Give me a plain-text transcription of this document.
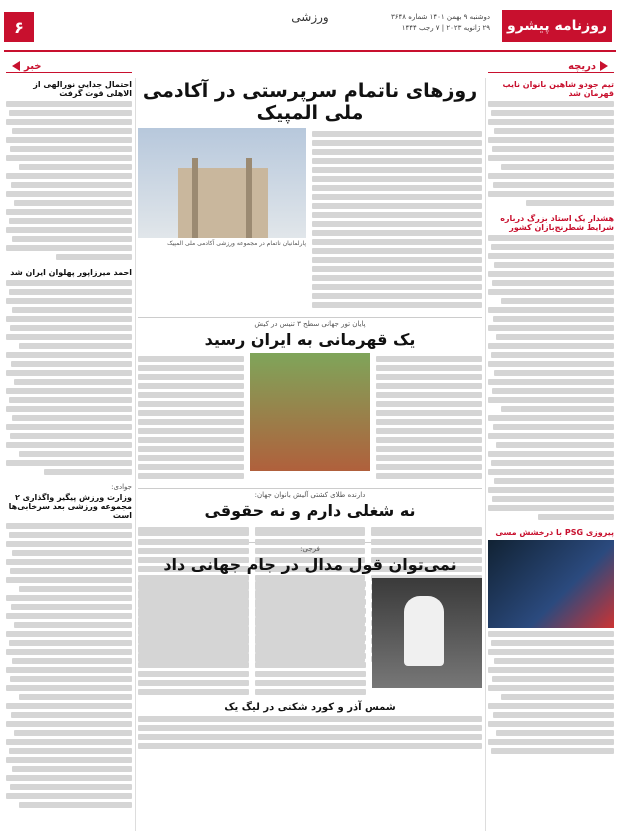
۶
ورزشی
روزنامه پیشرو
دوشنبه ۹ بهمن ۱۴۰۱ شماره ۳۶۴۸
۲۹ ژانویه ۲۰۲۳ | ۷ رجب ۱۴۴۴
دریچه
خبر
تیم جودو شاهین بانوان نایب قهرمان شد
هشدار یک استاد بزرگ درباره شرایط شطرنج‌بازان کشور
پیروزی PSG با درخشش مسی
احتمال جدایی نورالهی از الاهلی قوت گرفت
احمد میرزاپور پهلوان ایران شد
جوادی:
وزارت ورزش پیگیر واگذاری ۲ مجموعه ورزشی بعد سرخابی‌ها است
روزهای ناتمام سرپرستی در آکادمی ملی المپیک
پارلمانیان ناتمام در مجموعه ورزشی آکادمی ملی المپیک
پایان تور جهانی سطح ۳ تنیس در کیش
یک قهرمانی به ایران رسید
دارنده طلای کشتی آلیش بانوان جهان:
نه شغلی دارم و نه حقوقی
فرجی:
نمی‌توان قول مدال در جام جهانی داد
شمس آذر و کورد شکنی در لیگ یک
